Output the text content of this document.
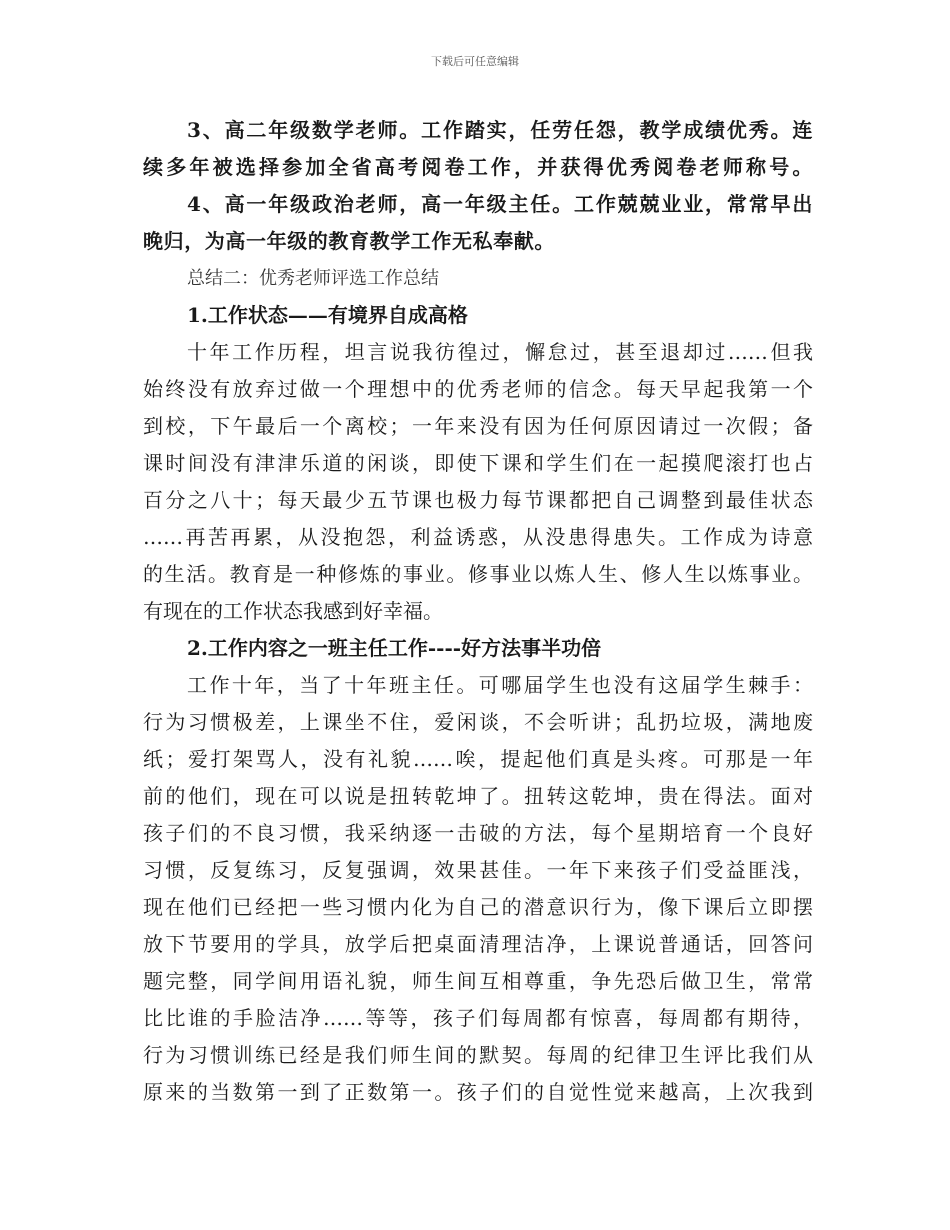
下载后可任意编辑
3、高二年级数学老师。工作踏实，任劳任怨，教学成绩优秀。连
续多年被选择参加全省高考阅卷工作，并获得优秀阅卷老师称号。
4、高一年级政治老师，高一年级主任。工作兢兢业业，常常早出
晚归，为高一年级的教育教学工作无私奉献。
总结二：优秀老师评选工作总结
1.工作状态——有境界自成高格
十年工作历程，坦言说我彷徨过，懈怠过，甚至退却过……但我
始终没有放弃过做一个理想中的优秀老师的信念。每天早起我第一个
到校，下午最后一个离校；一年来没有因为任何原因请过一次假；备
课时间没有津津乐道的闲谈，即使下课和学生们在一起摸爬滚打也占
百分之八十；每天最少五节课也极力每节课都把自己调整到最佳状态
……再苦再累，从没抱怨，利益诱惑，从没患得患失。工作成为诗意
的生活。教育是一种修炼的事业。修事业以炼人生、修人生以炼事业。
有现在的工作状态我感到好幸福。
2.工作内容之一班主任工作----好方法事半功倍
工作十年，当了十年班主任。可哪届学生也没有这届学生棘手：
行为习惯极差，上课坐不住，爱闲谈，不会听讲；乱扔垃圾，满地废
纸；爱打架骂人，没有礼貌……唉，提起他们真是头疼。可那是一年
前的他们，现在可以说是扭转乾坤了。扭转这乾坤，贵在得法。面对
孩子们的不良习惯，我采纳逐一击破的方法，每个星期培育一个良好
习惯，反复练习，反复强调，效果甚佳。一年下来孩子们受益匪浅，
现在他们已经把一些习惯内化为自己的潜意识行为，像下课后立即摆
放下节要用的学具，放学后把桌面清理洁净，上课说普通话，回答问
题完整，同学间用语礼貌，师生间互相尊重，争先恐后做卫生，常常
比比谁的手脸洁净……等等，孩子们每周都有惊喜，每周都有期待，
行为习惯训练已经是我们师生间的默契。每周的纪律卫生评比我们从
原来的当数第一到了正数第一。孩子们的自觉性觉来越高，上次我到
